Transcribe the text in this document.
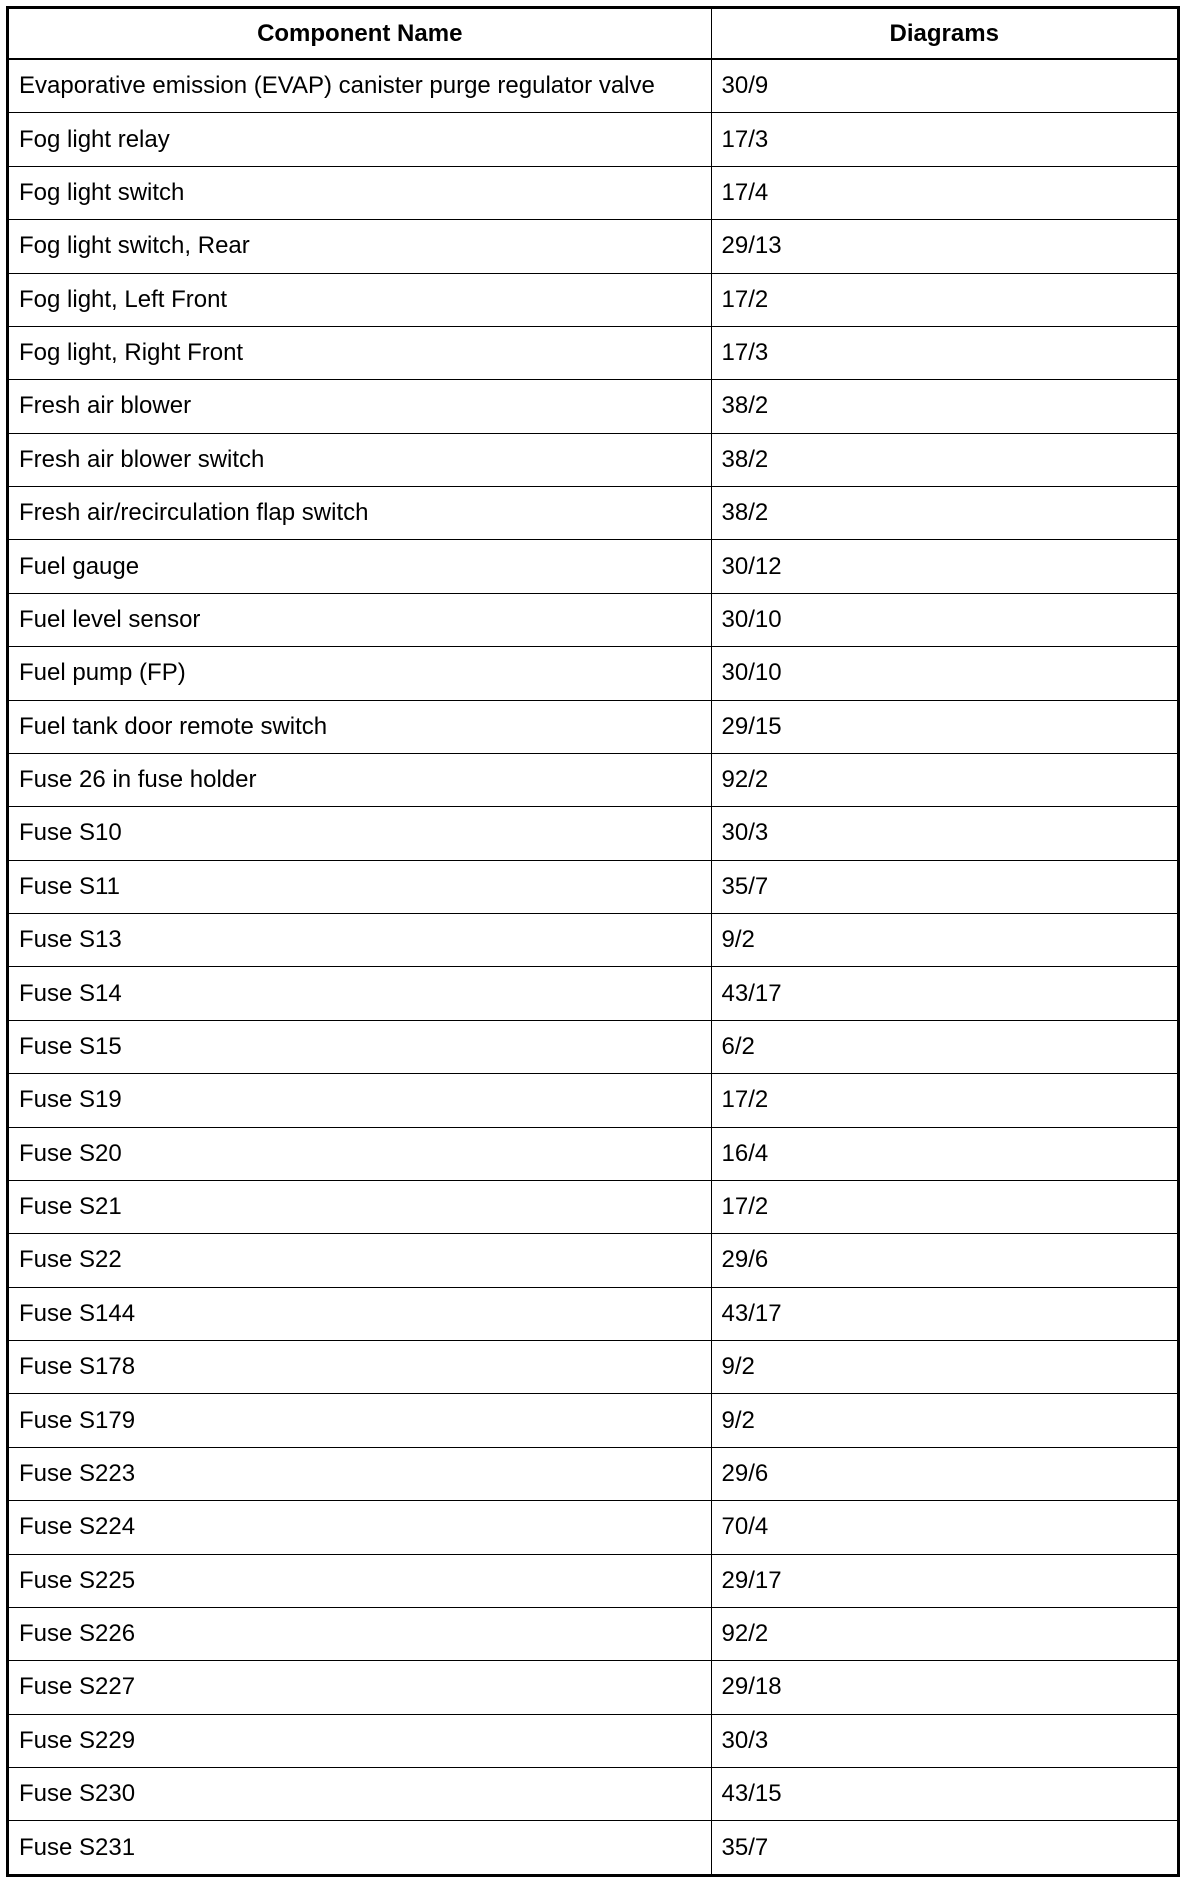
Component Name	Diagrams
Evaporative emission (EVAP) canister purge regulator valve	30/9
Fog light relay	17/3
Fog light switch	17/4
Fog light switch, Rear	29/13
Fog light, Left Front	17/2
Fog light, Right Front	17/3
Fresh air blower	38/2
Fresh air blower switch	38/2
Fresh air/recirculation flap switch	38/2
Fuel gauge	30/12
Fuel level sensor	30/10
Fuel pump (FP)	30/10
Fuel tank door remote switch	29/15
Fuse 26 in fuse holder	92/2
Fuse S10	30/3
Fuse S11	35/7
Fuse S13	9/2
Fuse S14	43/17
Fuse S15	6/2
Fuse S19	17/2
Fuse S20	16/4
Fuse S21	17/2
Fuse S22	29/6
Fuse S144	43/17
Fuse S178	9/2
Fuse S179	9/2
Fuse S223	29/6
Fuse S224	70/4
Fuse S225	29/17
Fuse S226	92/2
Fuse S227	29/18
Fuse S229	30/3
Fuse S230	43/15
Fuse S231	35/7
